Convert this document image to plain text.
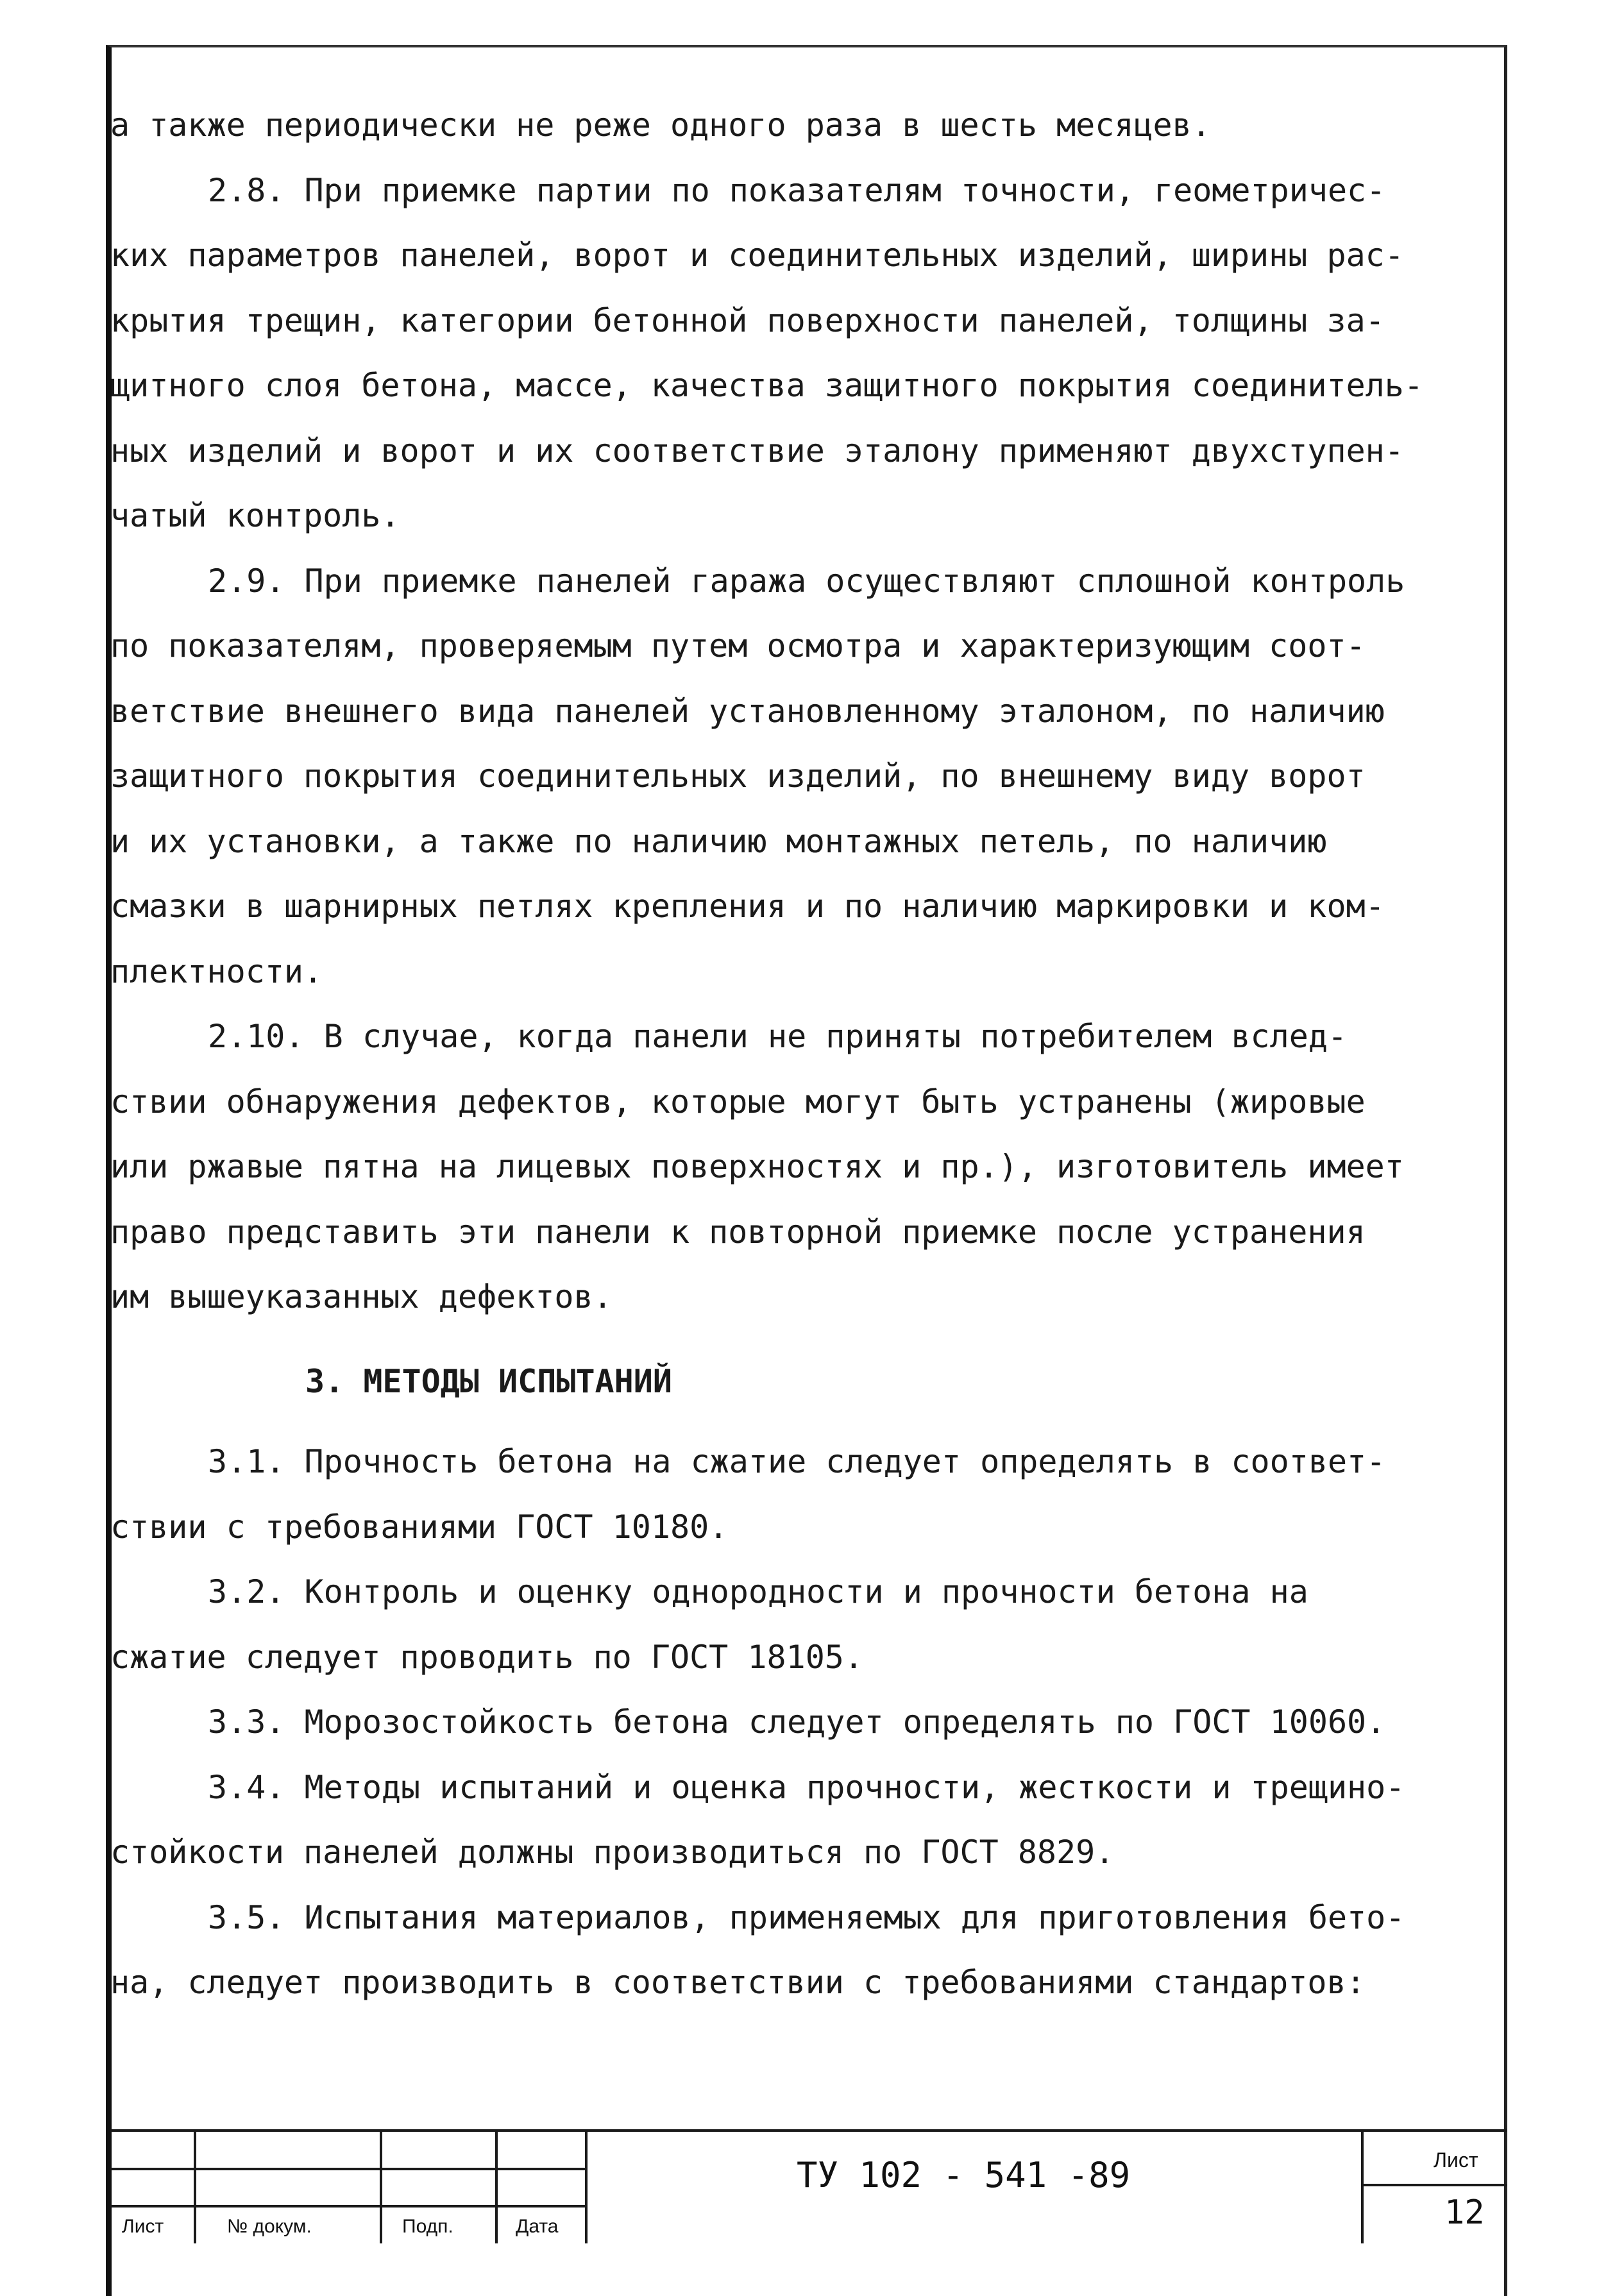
а также периодически не реже одного раза в шесть месяцев.
2.8. При приемке партии по показателям точности, геометричес-
ких параметров панелей, ворот и соединительных изделий, ширины рас-
крытия трещин, категории бетонной поверхности панелей, толщины за-
щитного слоя бетона, массе, качества защитного покрытия соединитель-
ных изделий и ворот и их соответствие эталону применяют двухступен-
чатый контроль.
2.9. При приемке панелей гаража осуществляют сплошной контроль
по показателям, проверяемым путем осмотра и характеризующим соот-
ветствие внешнего вида панелей установленному эталоном, по наличию
защитного покрытия соединительных изделий, по внешнему виду ворот
и их установки, а также по наличию монтажных петель, по наличию
смазки в шарнирных петлях крепления и по наличию маркировки и ком-
плектности.
2.10. В случае, когда панели не приняты потребителем вслед-
ствии обнаружения дефектов, которые могут быть устранены (жировые
или ржавые пятна на лицевых поверхностях и пр.), изготовитель имеет
право представить эти панели к повторной приемке после устранения
им вышеуказанных дефектов.
3. МЕТОДЫ ИСПЫТАНИЙ
3.1. Прочность бетона на сжатие следует определять в соответ-
ствии с требованиями ГОСТ 10180.
3.2. Контроль и оценку однородности и прочности бетона на
сжатие следует проводить по ГОСТ 18105.
3.3. Морозостойкость бетона следует определять по ГОСТ 10060.
3.4. Методы испытаний и оценка прочности, жесткости и трещино-
стойкости панелей должны производиться по ГОСТ 8829.
3.5. Испытания материалов, применяемых для приготовления бето-
на, следует производить в соответствии с требованиями стандартов:
Лист	№ докум.	Подп.	Дата
ТУ 102 - 541 -89	Лист
12
